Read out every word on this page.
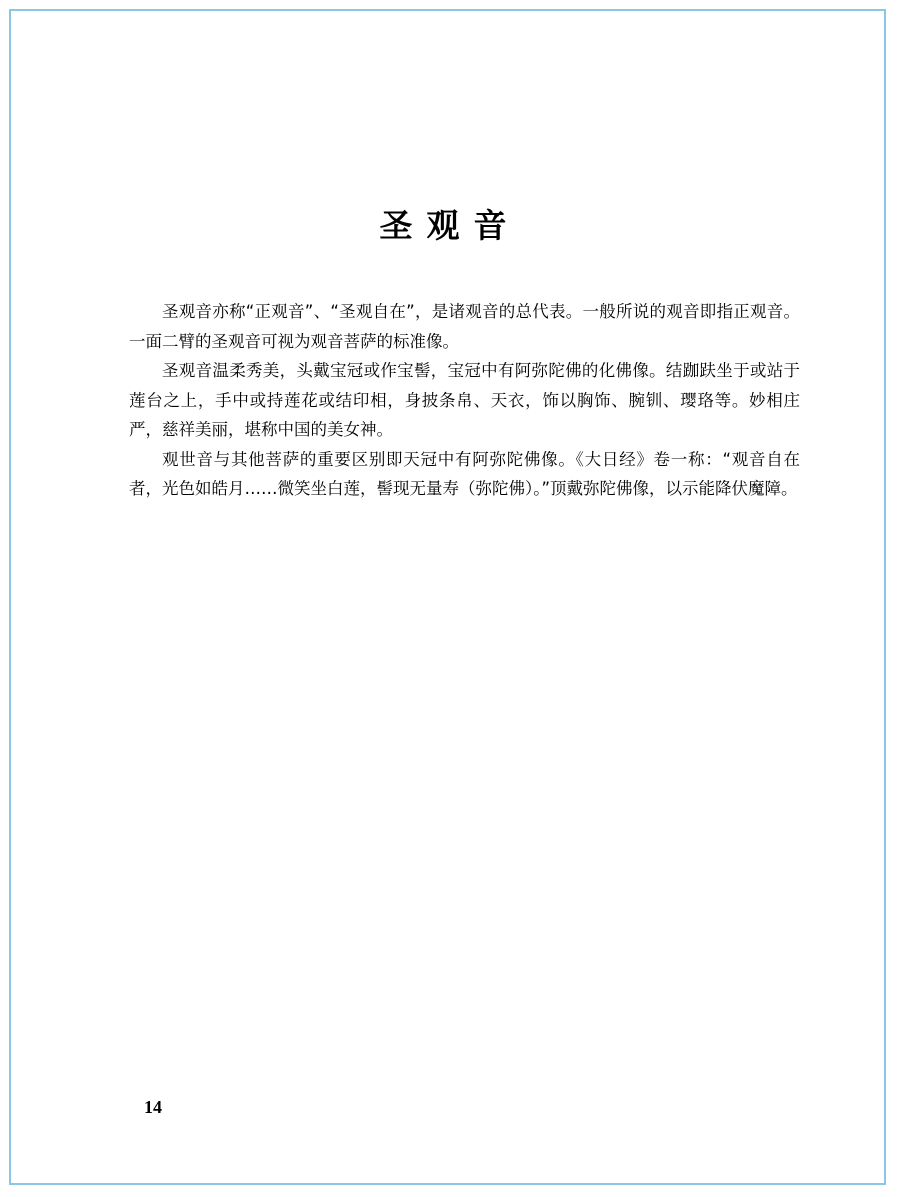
圣观音

圣观音亦称“正观音”、“圣观自在”，是诸观音的总代表。一般所说的观音即指正观音。一面二臂的圣观音可视为观音菩萨的标准像。

圣观音温柔秀美，头戴宝冠或作宝髻，宝冠中有阿弥陀佛的化佛像。结跏趺坐于或站于莲台之上，手中或持莲花或结印相，身披条帛、天衣，饰以胸饰、腕钏、璎珞等。妙相庄严，慈祥美丽，堪称中国的美女神。

观世音与其他菩萨的重要区别即天冠中有阿弥陀佛像。《大日经》卷一称：“观音自在者，光色如皓月……微笑坐白莲，髻现无量寿（弥陀佛）。”顶戴弥陀佛像，以示能降伏魔障。

14
